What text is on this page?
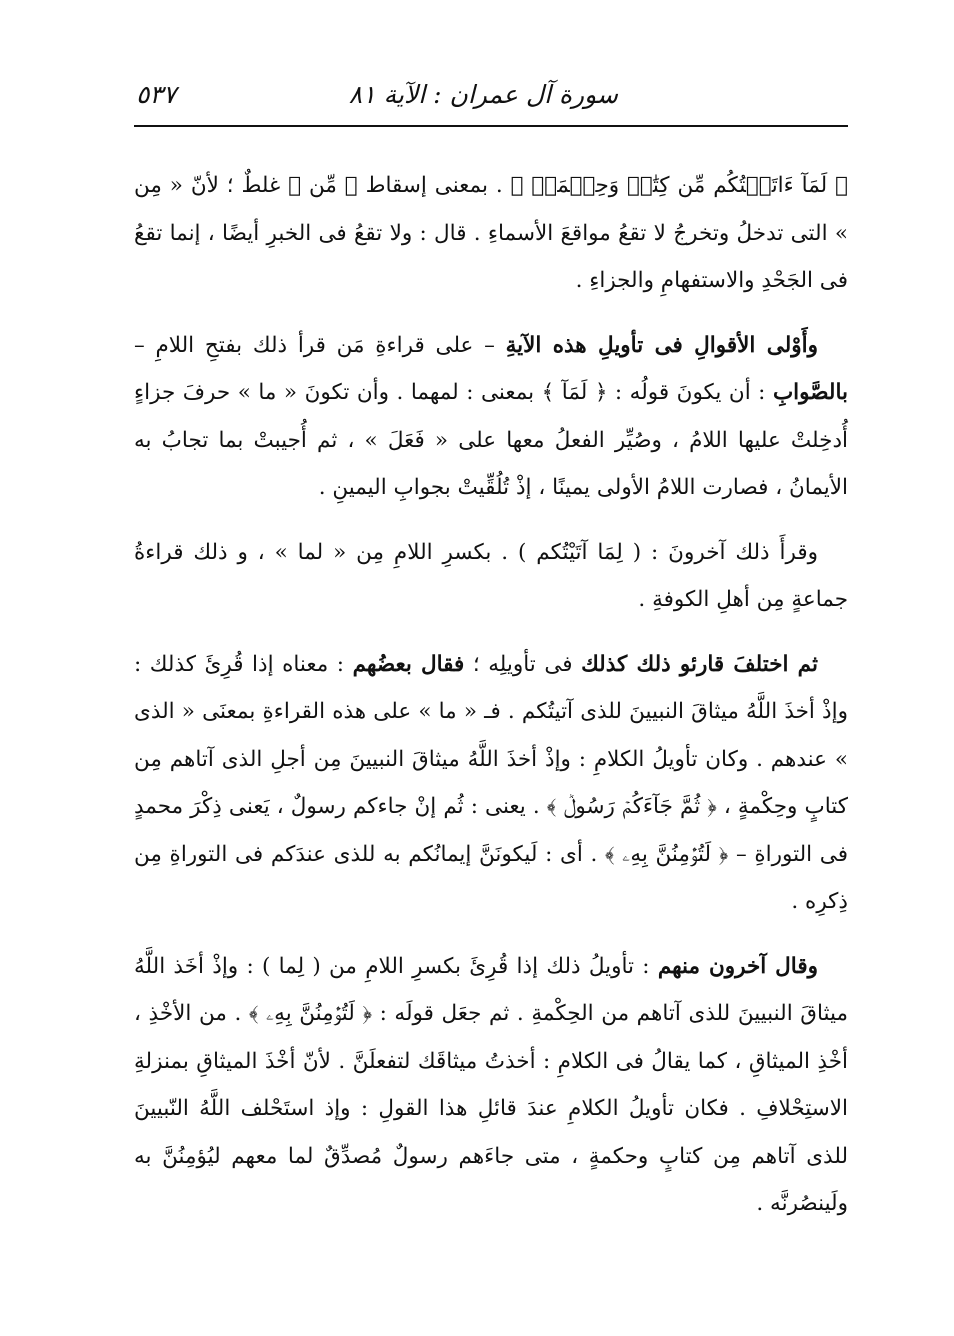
سورة آل عمران : الآية ٨١
٥٣٧

﴿ لَمَآ ءَاتَيۡتُكُم مِّن كِتَٰبٖ وَحِكۡمَةٖ ﴾ . بمعنى إسقاط ﴿ مِّن ﴾ غلطٌ ؛ لأنّ « مِن » التى تدخلُ وتخرجُ لا تقعُ مواقعَ الأسماءِ . قال : ولا تقعُ فى الخبرِ أيضًا ، إنما تقعُ فى الجَحْدِ والاستفهامِ والجزاءِ .

وأَوْلى الأقوالِ فى تأويلِ هذه الآيةِ – على قراءةِ مَن قرأ ذلك بفتحِ اللامِ – بالصَّوابِ : أن يكونَ قولُه : ﴿ لَمَآ ﴾ بمعنى : لمهما . وأن تكونَ « ما » حرفَ جزاءٍ أُدخِلتْ عليها اللامُ ، وصُيِّر الفعلُ معها على « فَعَلَ » ، ثم أُجيبتْ بما تجابُ به الأيمانُ ، فصارت اللامُ الأولى يمينًا ، إذْ تُلُقِّيتْ بجوابِ اليمينِ .

وقرأَ ذلك آخرونَ : ( لِمَا آتَيْتُكم ) . بكسرِ اللامِ مِن « لما » ، و ذلك قراءةُ جماعةٍ مِن أهلِ الكوفةِ .

ثم اختلفَ قارئو ذلك كذلك فى تأويلِه ؛ فقال بعضُهم : معناه إذا قُرِئَ كذلك : وإذْ أخذَ اللَّهُ ميثاقَ النبيينَ للذى آتيتُكم . فـ « ما » على هذه القراءةِ بمعنَى « الذى » عندهم . وكان تأويلُ الكلامِ : وإذْ أخذَ اللَّهُ ميثاقَ النبيينَ مِن أجلِ الذى آتاهم مِن كتابٍ وحِكْمةٍ ، ﴿ ثُمَّ جَآءَكُمۡ رَسُولٞ ﴾ . يعنى : ثُم إنْ جاءكم رسولٌ ، يَعنى ذِكْرَ محمدٍ فى التوراةِ – ﴿ لَتُؤۡمِنُنَّ بِهِۦ ﴾ . أى : لَيكونَنَّ إيمانُكم به للذى عندَكم فى التوراةِ مِن ذِكرِه .

وقال آخرون منهم : تأويلُ ذلك إذا قُرِئَ بكسرِ اللامِ من ( لِما ) : وإذْ أخَذ اللَّهُ ميثاقَ النبيينَ للذى آتاهم من الحِكْمةِ . ثم جعَل قولَه : ﴿ لَتُؤۡمِنُنَّ بِهِۦ ﴾ . من الأخْذِ ، أخْذِ الميثاقِ ، كما يقالُ فى الكلامِ : أخذتُ ميثاقَك لتفعلَنَّ . لأنّ أخْذَ الميثاقِ بمنزلةِ الاستِحْلافِ . فكان تأويلُ الكلامِ عندَ قائلِ هذا القولِ : وإذ استَحْلف اللَّهُ النّبيينَ للذى آتاهم مِن كتابٍ وحكمةٍ ، متى جاءَهم رسولٌ مُصدِّقٌ لما معهم ليُؤمِنُنَّ به ولَينصُرنَّه .
